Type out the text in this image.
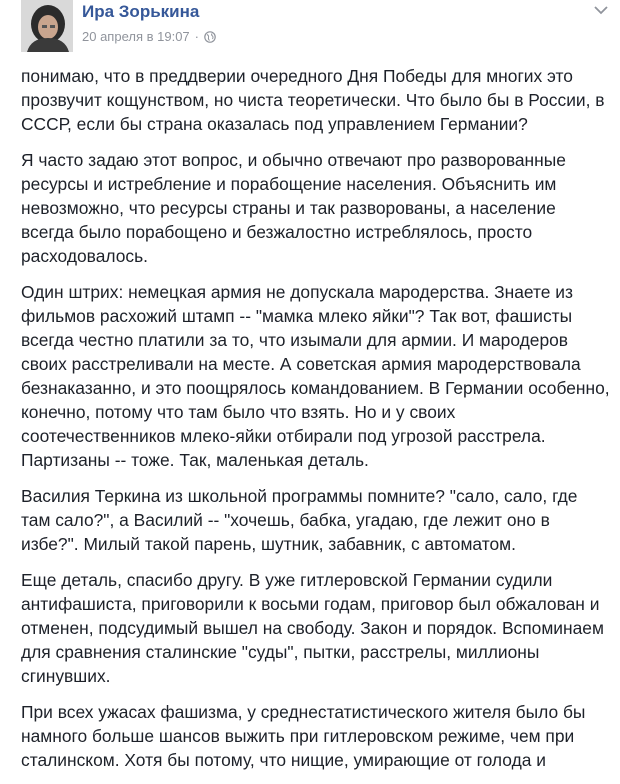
Ира Зорькина
20 апреля в 19:07 ·

понимаю, что в преддверии очередного Дня Победы для многих это прозвучит кощунством, но чиста теоретически. Что было бы в России, в СССР, если бы страна оказалась под управлением Германии?

Я часто задаю этот вопрос, и обычно отвечают про разворованные ресурсы и истребление и порабощение населения. Объяснить им невозможно, что ресурсы страны и так разворованы, а население всегда было порабощено и безжалостно истреблялось, просто расходовалось.

Один штрих: немецкая армия не допускала мародерства. Знаете из фильмов расхожий штамп -- "мамка млеко яйки"? Так вот, фашисты всегда честно платили за то, что изымали для армии. И мародеров своих расстреливали на месте. А советская армия мародерствовала безнаказанно, и это поощрялось командованием. В Германии особенно, конечно, потому что там было что взять. Но и у своих соотечественников млеко-яйки отбирали под угрозой расстрела. Партизаны -- тоже. Так, маленькая деталь.

Василия Теркина из школьной программы помните? "сало, сало, где там сало?", а Василий -- "хочешь, бабка, угадаю, где лежит оно в избе?". Милый такой парень, шутник, забавник, с автоматом.

Еще деталь, спасибо другу. В уже гитлеровской Германии судили антифашиста, приговорили к восьми годам, приговор был обжалован и отменен, подсудимый вышел на свободу. Закон и порядок. Вспоминаем для сравнения сталинские "суды", пытки, расстрелы, миллионы сгинувших.

При всех ужасах фашизма, у среднестатистического жителя было бы намного больше шансов выжить при гитлеровском режиме, чем при сталинском. Хотя бы потому, что нищие, умирающие от голода и
